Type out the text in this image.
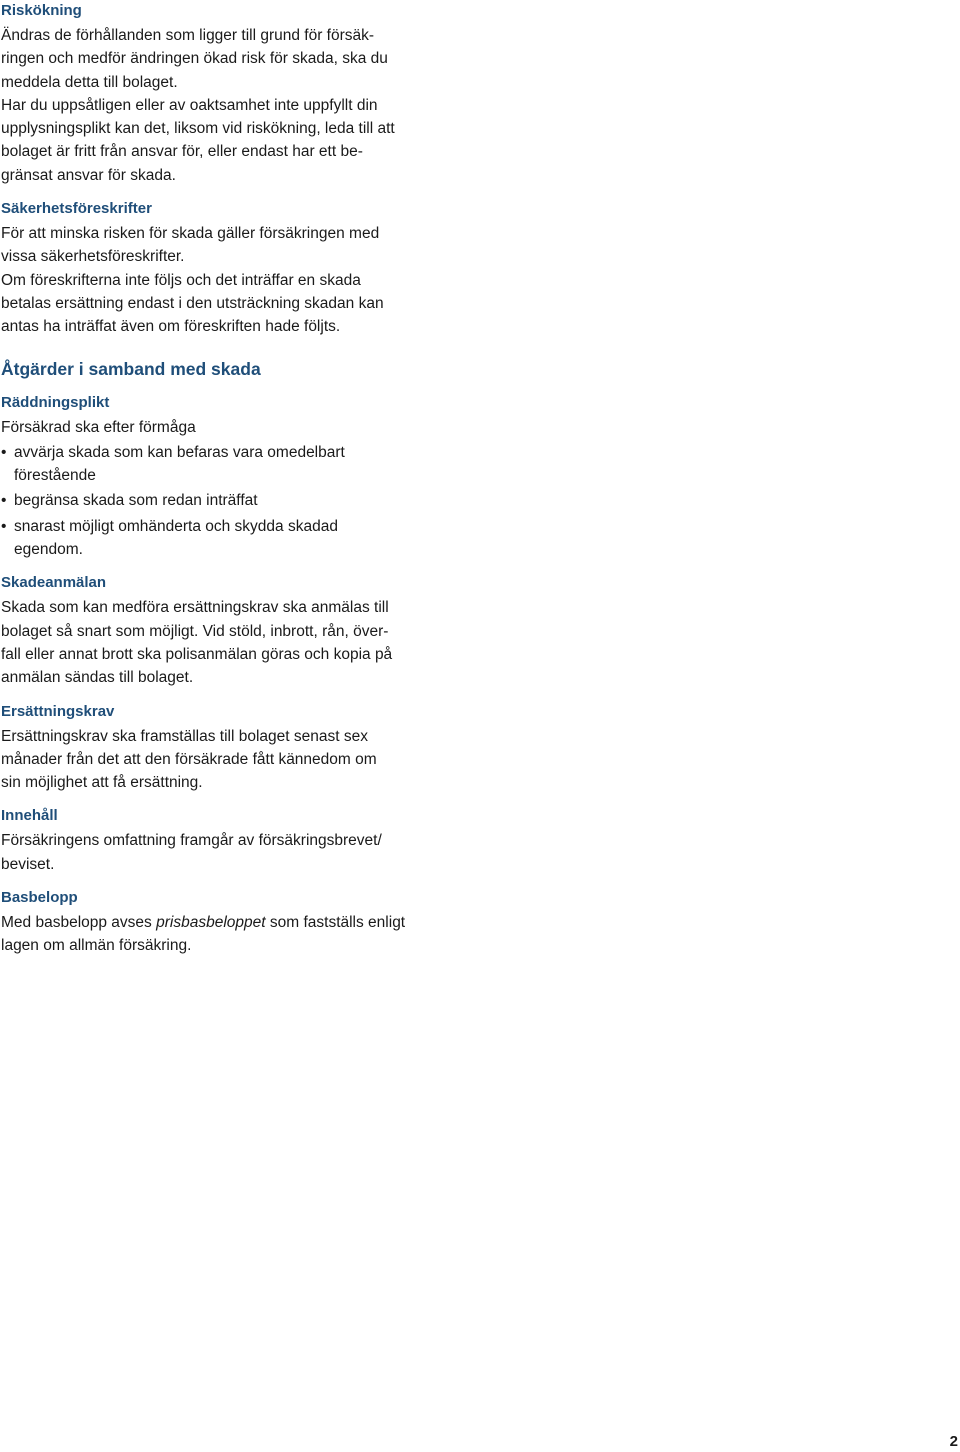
Riskökning

Ändras de förhållanden som ligger till grund för försäk-
ringen och medför ändringen ökad risk för skada, ska du
meddela detta till bolaget.

Har du uppsåtligen eller av oaktsamhet inte uppfyllt din
upplysningsplikt kan det, liksom vid riskökning, leda till att
bolaget är fritt från ansvar för, eller endast har ett be-
gränsat ansvar för skada.

Säkerhetsföreskrifter

För att minska risken för skada gäller försäkringen med
vissa säkerhetsföreskrifter.

Om föreskrifterna inte följs och det inträffar en skada
betalas ersättning endast i den utsträckning skadan kan
antas ha inträffat även om föreskriften hade följts.

Åtgärder i samband med skada
Räddningsplikt

Försäkrad ska efter förmåga

• avvärja skada som kan befaras vara omedelbart
förestående
• begränsa skada som redan inträffat
• snarast möjligt omhänderta och skydda skadad
egendom.
Skadeanmälan

Skada som kan medföra ersättningskrav ska anmälas till
bolaget så snart som möjligt. Vid stöld, inbrott, rån, över-
fall eller annat brott ska polisanmälan göras och kopia på
anmälan sändas till bolaget.

Ersättningskrav

Ersättningskrav ska framställas till bolaget senast sex
månader från det att den försäkrade fått kännedom om
sin möjlighet att få ersättning.

Innehåll

Försäkringens omfattning framgår av försäkringsbrevet/
beviset.

Basbelopp

Med basbelopp avses prisbasbeloppet som fastställs enligt
lagen om allmän försäkring.

2
